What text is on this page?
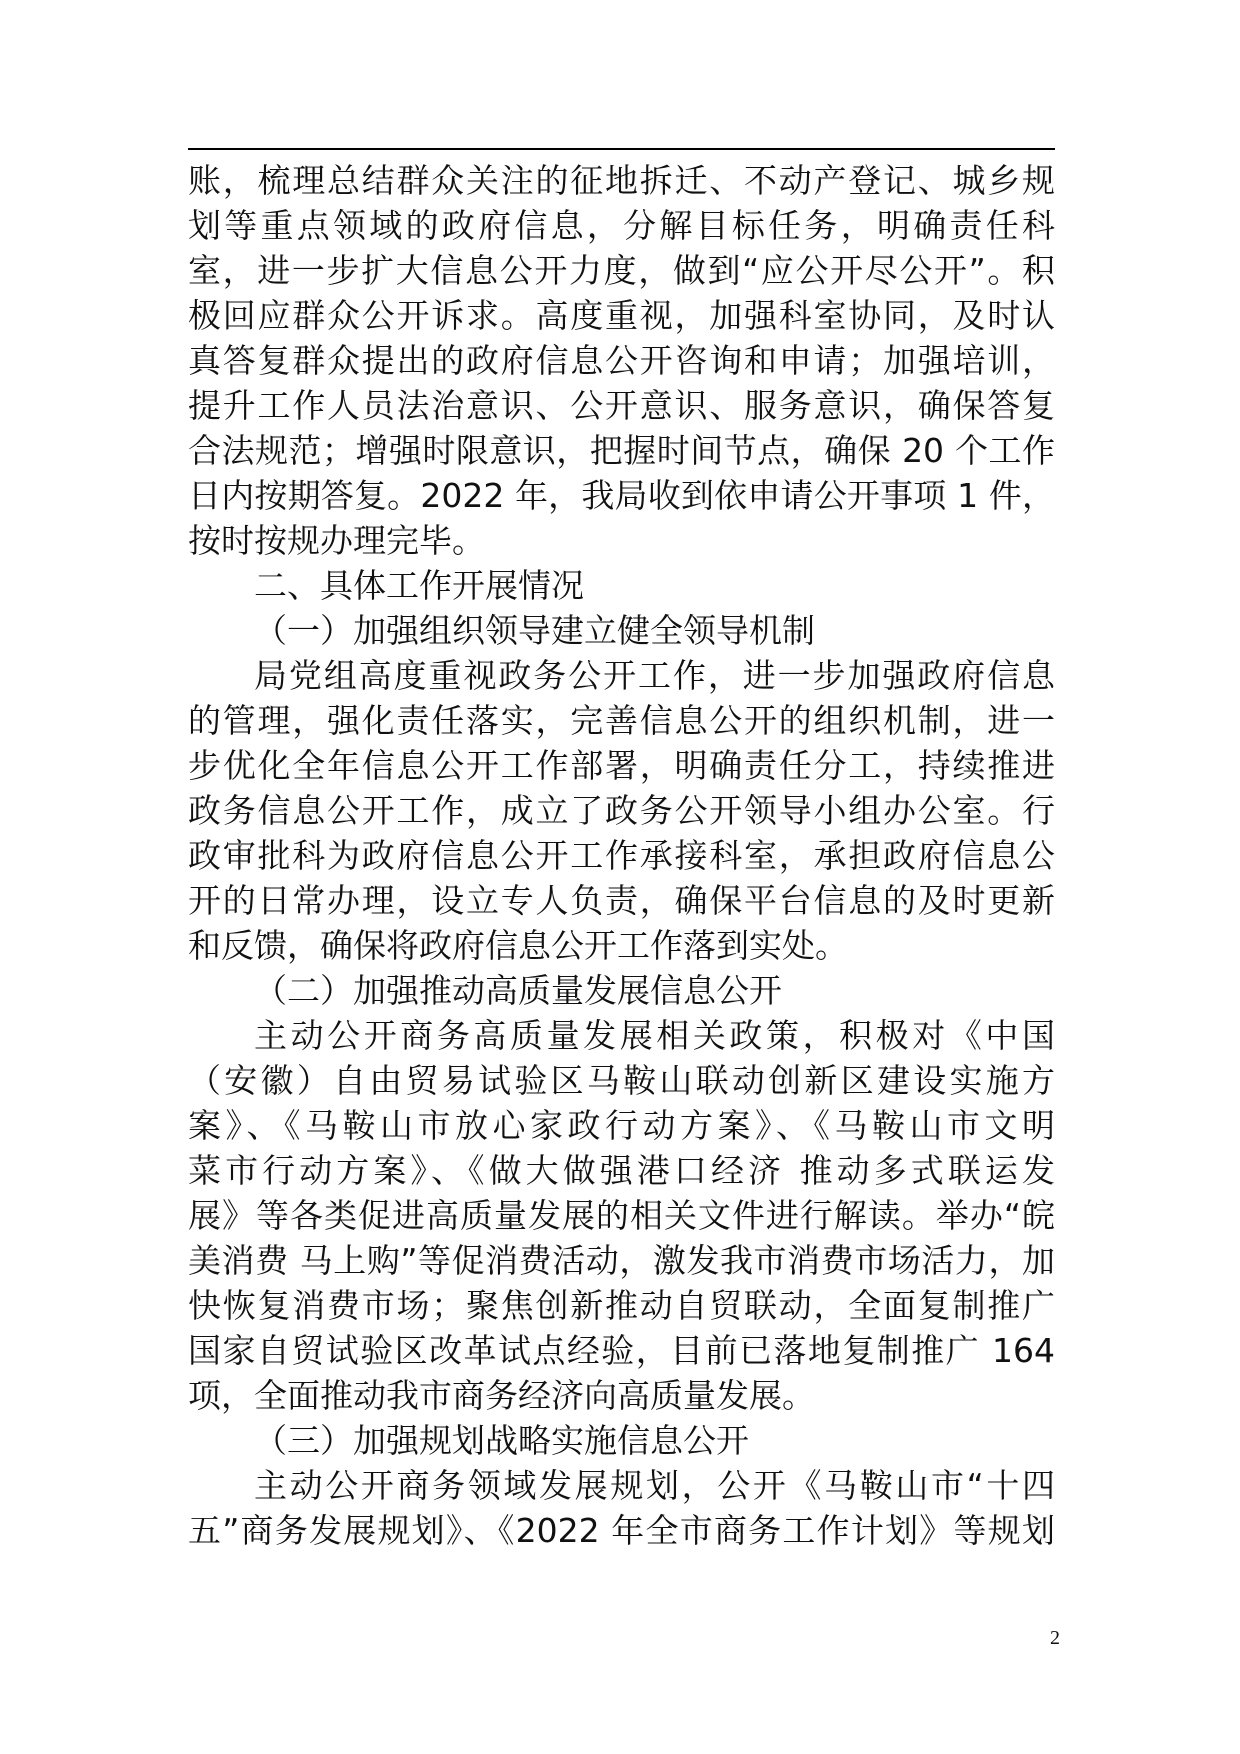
账，梳理总结群众关注的征地拆迁、不动产登记、城乡规
划等重点领域的政府信息，分解目标任务，明确责任科
室，进一步扩大信息公开力度，做到“应公开尽公开”。积
极回应群众公开诉求。高度重视，加强科室协同，及时认
真答复群众提出的政府信息公开咨询和申请；加强培训，
提升工作人员法治意识、公开意识、服务意识，确保答复
合法规范；增强时限意识，把握时间节点，确保 20 个工作
日内按期答复。2022 年，我局收到依申请公开事项 1 件，
按时按规办理完毕。
二、具体工作开展情况
（一）加强组织领导建立健全领导机制
局党组高度重视政务公开工作，进一步加强政府信息
的管理，强化责任落实，完善信息公开的组织机制，进一
步优化全年信息公开工作部署，明确责任分工，持续推进
政务信息公开工作，成立了政务公开领导小组办公室。行
政审批科为政府信息公开工作承接科室，承担政府信息公
开的日常办理，设立专人负责，确保平台信息的及时更新
和反馈，确保将政府信息公开工作落到实处。
（二）加强推动高质量发展信息公开
主动公开商务高质量发展相关政策，积极对《中国
（安徽）自由贸易试验区马鞍山联动创新区建设实施方
案》、《马鞍山市放心家政行动方案》、《马鞍山市文明
菜市行动方案》、《做大做强港口经济 推动多式联运发
展》等各类促进高质量发展的相关文件进行解读。举办“皖
美消费 马上购”等促消费活动，激发我市消费市场活力，加
快恢复消费市场；聚焦创新推动自贸联动，全面复制推广
国家自贸试验区改革试点经验，目前已落地复制推广 164
项，全面推动我市商务经济向高质量发展。
（三）加强规划战略实施信息公开
主动公开商务领域发展规划，公开《马鞍山市“十四
五”商务发展规划》、《2022 年全市商务工作计划》等规划
2
